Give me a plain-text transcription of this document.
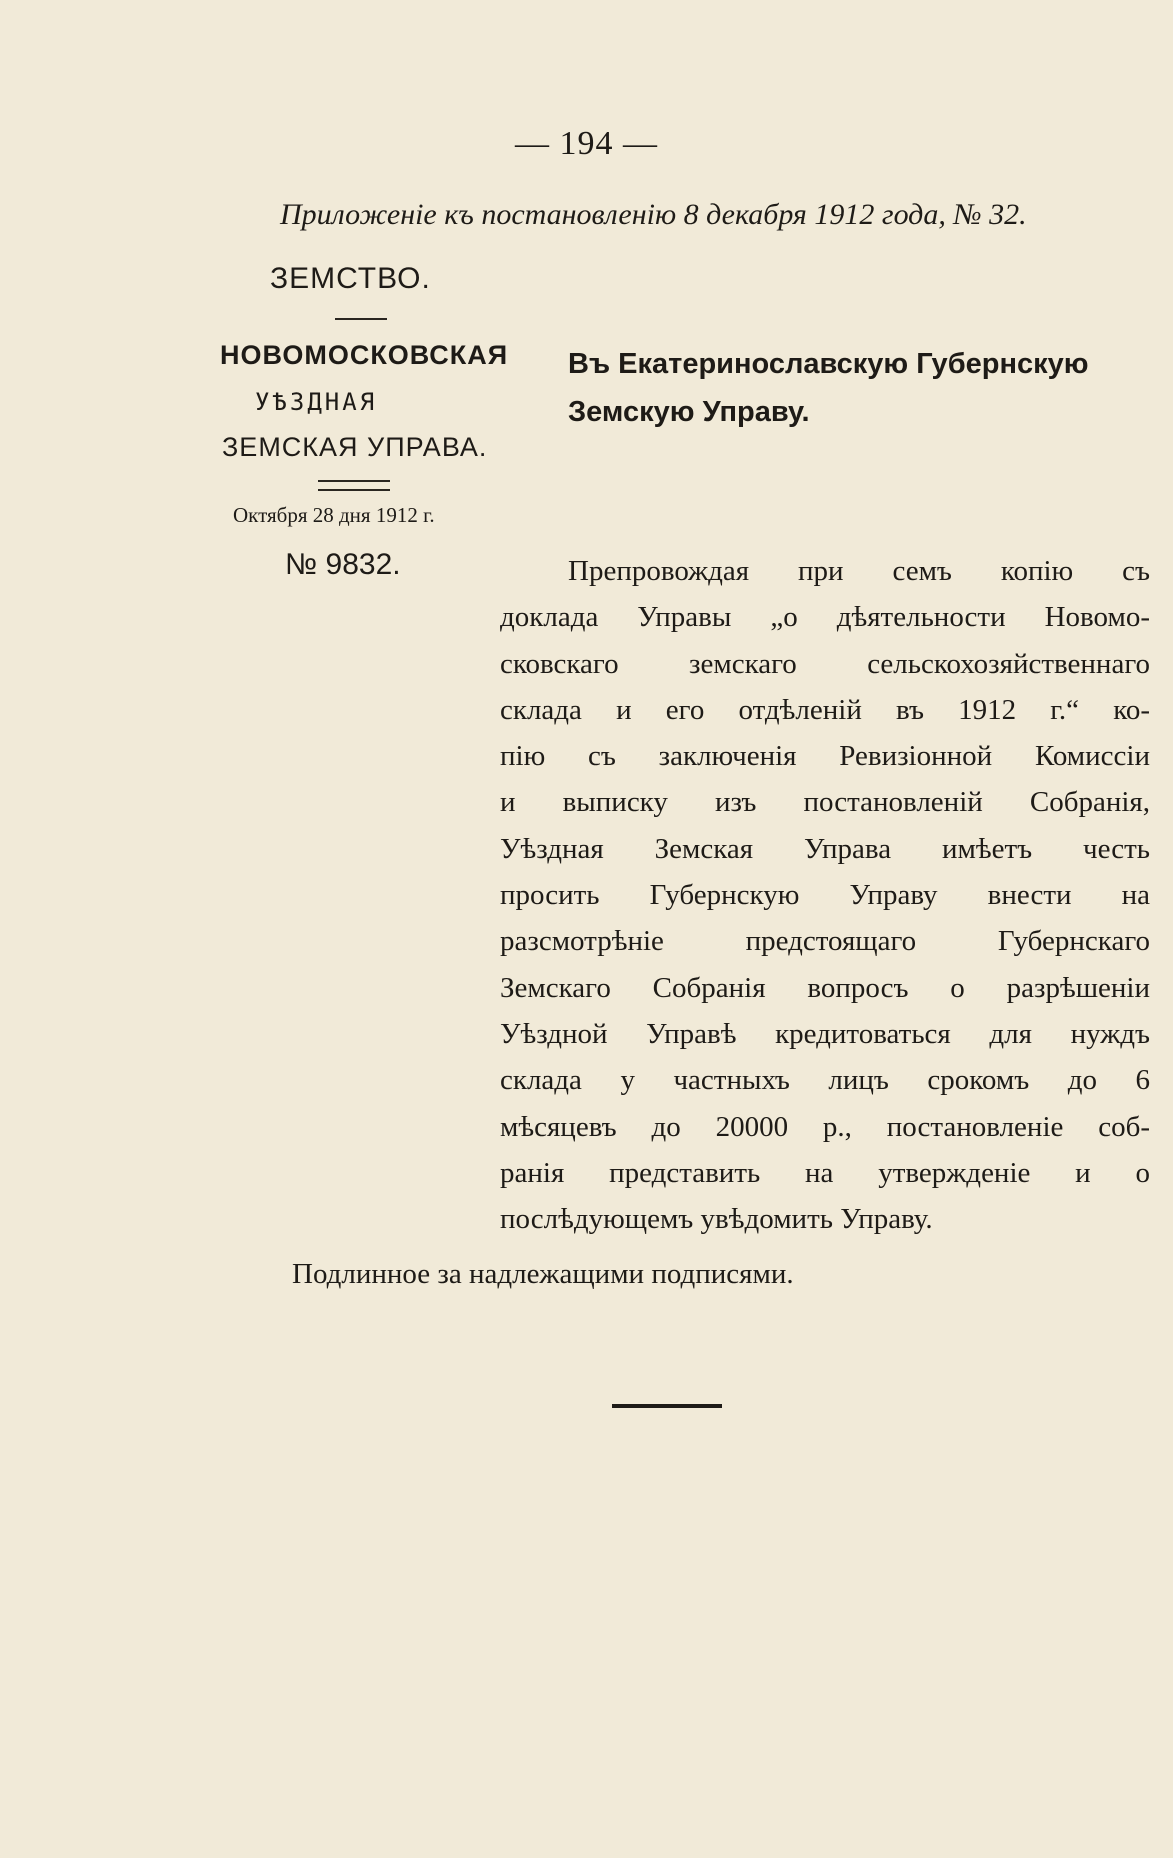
— 194 —
Приложеніе къ постановленію 8 декабря 1912 года, № 32.
ЗЕМСТВО.
НОВОМОСКОВСКАЯ
УѢЗДНАЯ
ЗЕМСКАЯ УПРАВА.
Октября 28 дня 1912 г.
№ 9832.
Въ Екатеринославскую Губернскую Земскую Управу.
Препровождая при семъ копію съ
доклада Управы „о дѣятельности Новомо-
сковскаго земскаго сельскохозяйственнаго
склада и его отдѣленій въ 1912 г.“ ко-
пію съ заключенія Ревизіонной Комиссіи
и выписку изъ постановленій Собранія,
Уѣздная Земская Управа имѣетъ честь
просить Губернскую Управу внести на
разсмотрѣніе предстоящаго Губернскаго
Земскаго Собранія вопросъ о разрѣшеніи
Уѣздной Управѣ кредитоваться для нуждъ
склада у частныхъ лицъ срокомъ до 6
мѣсяцевъ до 20000 р., постановленіе соб-
ранія представить на утвержденіе и о
послѣдующемъ увѣдомить Управу.
Подлинное за надлежащими подписями.
